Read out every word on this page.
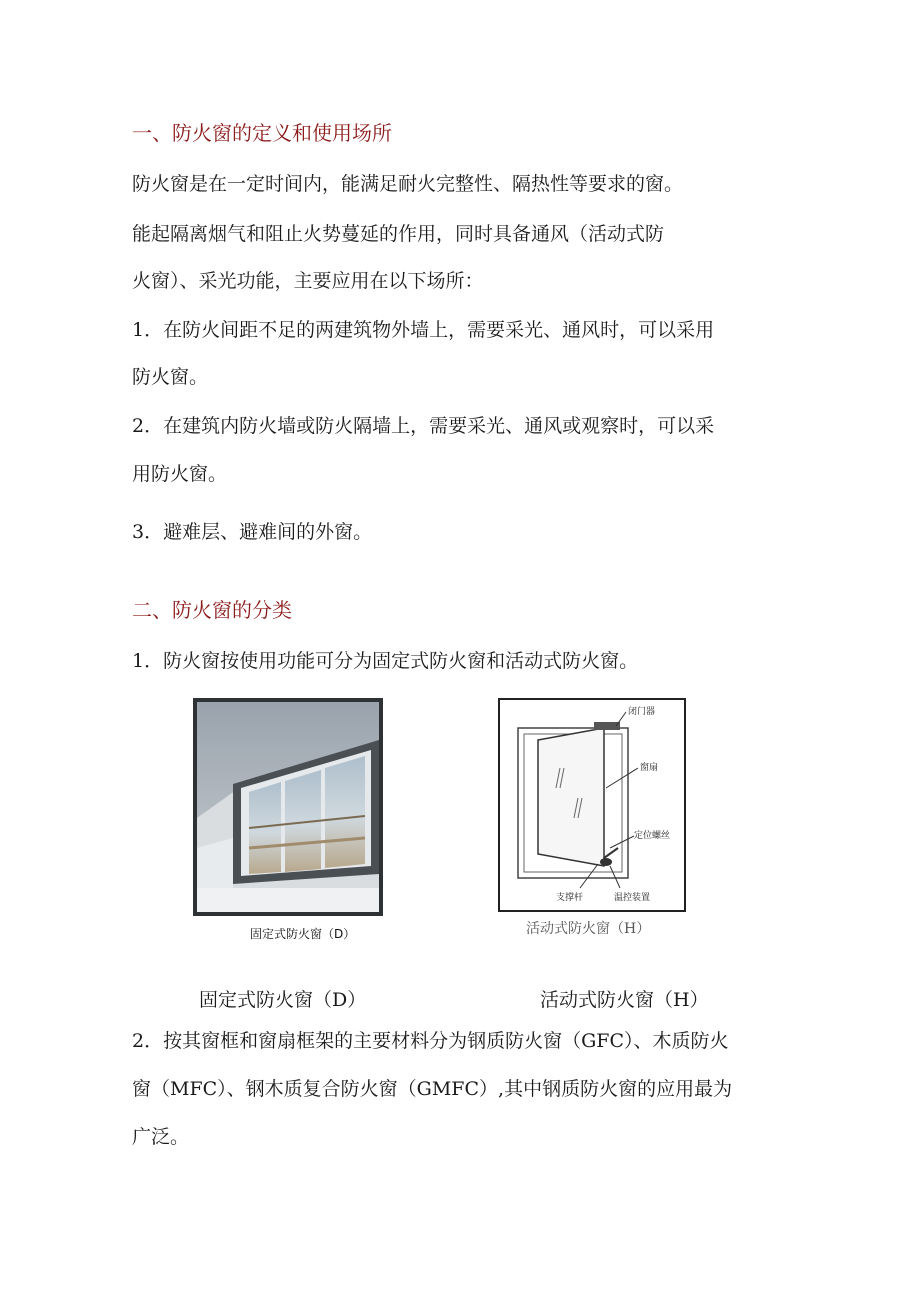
一、防火窗的定义和使用场所
防火窗是在一定时间内，能满足耐火完整性、隔热性等要求的窗。
能起隔离烟气和阻止火势蔓延的作用，同时具备通风（活动式防
火窗）、采光功能，主要应用在以下场所：
1．在防火间距不足的两建筑物外墙上，需要采光、通风时，可以采用
防火窗。
2．在建筑内防火墙或防火隔墙上，需要采光、通风或观察时，可以采
用防火窗。
3．避难层、避难间的外窗。
二、防火窗的分类
1．防火窗按使用功能可分为固定式防火窗和活动式防火窗。
固定式防火窗（D）
闭门器
窗扇
定位螺丝
支撑杆	温控装置
活动式防火窗（H）
固定式防火窗（D）	活动式防火窗（H）
2．按其窗框和窗扇框架的主要材料分为钢质防火窗（GFC）、木质防火
窗（MFC）、钢木质复合防火窗（GMFC）,其中钢质防火窗的应用最为
广泛。
